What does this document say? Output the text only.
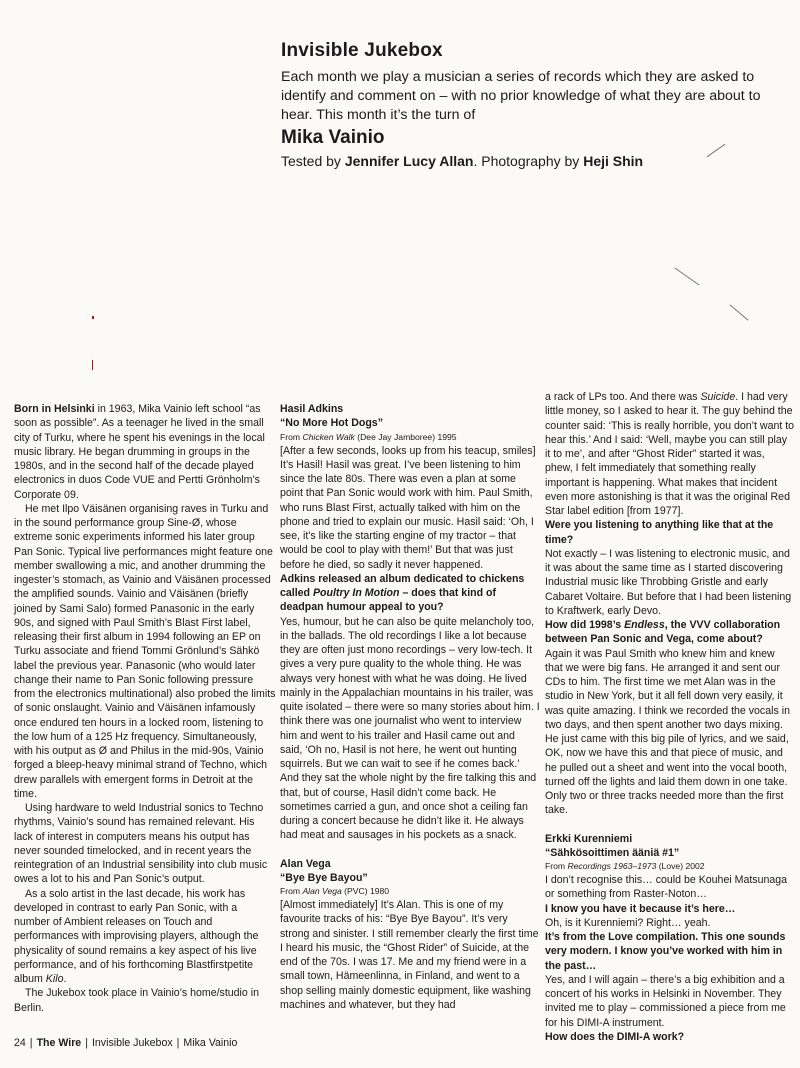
Invisible Jukebox

Each month we play a musician a series of records which they are asked to identify and comment on – with no prior knowledge of what they are about to hear. This month it’s the turn of

Mika Vainio

Tested by Jennifer Lucy Allan. Photography by Heji Shin

Born in Helsinki in 1963, Mika Vainio left school “as soon as possible”. As a teenager he lived in the small city of Turku, where he spent his evenings in the local music library. He began drumming in groups in the 1980s, and in the second half of the decade played electronics in duos Code VUE and Pertti Grönholm’s Corporate 09.

He met Ilpo Väisänen organising raves in Turku and in the sound performance group Sine-Ø, whose extreme sonic experiments informed his later group Pan Sonic. Typical live performances might feature one member swallowing a mic, and another drumming the ingester’s stomach, as Vainio and Väisänen processed the amplified sounds. Vainio and Väisänen (briefly joined by Sami Salo) formed Panasonic in the early 90s, and signed with Paul Smith’s Blast First label, releasing their first album in 1994 following an EP on Turku associate and friend Tommi Grönlund’s Sähkö label the previous year. Panasonic (who would later change their name to Pan Sonic following pressure from the electronics multinational) also probed the limits of sonic onslaught. Vainio and Väisänen infamously once endured ten hours in a locked room, listening to the low hum of a 125 Hz frequency. Simultaneously, with his output as Ø and Philus in the mid-90s, Vainio forged a bleep-heavy minimal strand of Techno, which drew parallels with emergent forms in Detroit at the time.

Using hardware to weld Industrial sonics to Techno rhythms, Vainio’s sound has remained relevant. His lack of interest in computers means his output has never sounded timelocked, and in recent years the reintegration of an Industrial sensibility into club music owes a lot to his and Pan Sonic’s output.

As a solo artist in the last decade, his work has developed in contrast to early Pan Sonic, with a number of Ambient releases on Touch and performances with improvising players, although the physicality of sound remains a key aspect of his live performance, and of his forthcoming Blastfirstpetite album Kilo.

The Jukebox took place in Vainio’s home/studio in Berlin.

Hasil Adkins

“No More Hot Dogs”

From Chicken Walk (Dee Jay Jamboree) 1995

[After a few seconds, looks up from his teacup, smiles] It’s Hasil! Hasil was great. I’ve been listening to him since the late 80s. There was even a plan at some point that Pan Sonic would work with him. Paul Smith, who runs Blast First, actually talked with him on the phone and tried to explain our music. Hasil said: ‘Oh, I see, it’s like the starting engine of my tractor – that would be cool to play with them!’ But that was just before he died, so sadly it never happened.

Adkins released an album dedicated to chickens called Poultry In Motion – does that kind of deadpan humour appeal to you?

Yes, humour, but he can also be quite melancholy too, in the ballads. The old recordings I like a lot because they are often just mono recordings – very low-tech. It gives a very pure quality to the whole thing. He was always very honest with what he was doing. He lived mainly in the Appalachian mountains in his trailer, was quite isolated – there were so many stories about him. I think there was one journalist who went to interview him and went to his trailer and Hasil came out and said, ‘Oh no, Hasil is not here, he went out hunting squirrels. But we can wait to see if he comes back.’ And they sat the whole night by the fire talking this and that, but of course, Hasil didn’t come back. He sometimes carried a gun, and once shot a ceiling fan during a concert because he didn’t like it. He always had meat and sausages in his pockets as a snack.

Alan Vega

“Bye Bye Bayou”

From Alan Vega (PVC) 1980

[Almost immediately] It’s Alan. This is one of my favourite tracks of his: “Bye Bye Bayou”. It’s very strong and sinister. I still remember clearly the first time I heard his music, the “Ghost Rider” of Suicide, at the end of the 70s. I was 17. Me and my friend were in a small town, Hämeenlinna, in Finland, and went to a shop selling mainly domestic equipment, like washing machines and whatever, but they had

a rack of LPs too. And there was Suicide. I had very little money, so I asked to hear it. The guy behind the counter said: ‘This is really horrible, you don’t want to hear this.’ And I said: ‘Well, maybe you can still play it to me’, and after “Ghost Rider” started it was, phew, I felt immediately that something really important is happening. What makes that incident even more astonishing is that it was the original Red Star label edition [from 1977].

Were you listening to anything like that at the time?

Not exactly – I was listening to electronic music, and it was about the same time as I started discovering Industrial music like Throbbing Gristle and early Cabaret Voltaire. But before that I had been listening to Kraftwerk, early Devo.

How did 1998’s Endless, the VVV collaboration between Pan Sonic and Vega, come about?

Again it was Paul Smith who knew him and knew that we were big fans. He arranged it and sent our CDs to him. The first time we met Alan was in the studio in New York, but it all fell down very easily, it was quite amazing. I think we recorded the vocals in two days, and then spent another two days mixing. He just came with this big pile of lyrics, and we said, OK, now we have this and that piece of music, and he pulled out a sheet and went into the vocal booth, turned off the lights and laid them down in one take. Only two or three tracks needed more than the first take.

Erkki Kurenniemi

“Sähkösoittimen ääniä #1”

From Recordings 1963–1973 (Love) 2002

I don’t recognise this… could be Kouhei Matsunaga or something from Raster-Noton…

I know you have it because it’s here…

Oh, is it Kurenniemi? Right… yeah.

It’s from the Love compilation. This one sounds very modern. I know you’ve worked with him in the past…

Yes, and I will again – there’s a big exhibition and a concert of his works in Helsinki in November. They invited me to play – commissioned a piece from me for his DIMI-A instrument.

How does the DIMI-A work?

24 | The Wire | Invisible Jukebox | Mika Vainio
